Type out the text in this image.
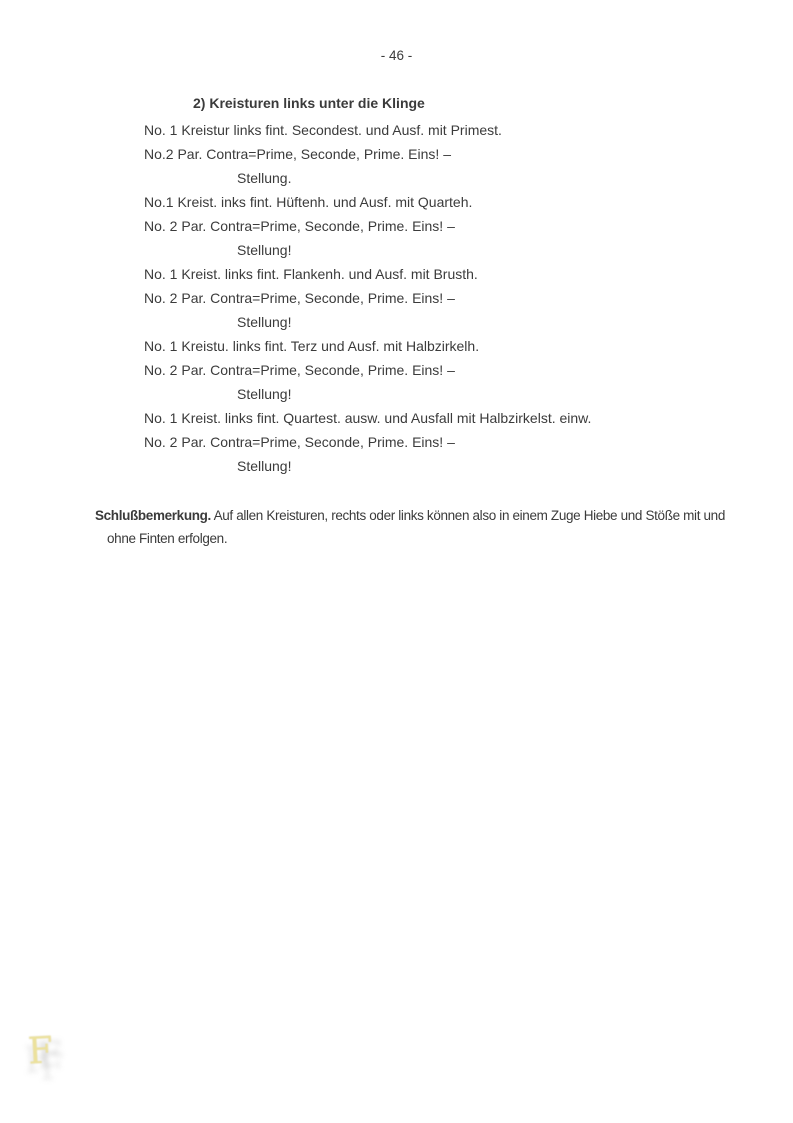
- 46 -
2) Kreisturen links unter die Klinge
No. 1 Kreistur links fint. Secondest. und Ausf. mit Primest.
No.2 Par. Contra=Prime, Seconde, Prime. Eins! –
Stellung.
No.1 Kreist. inks fint. Hüftenh. und Ausf. mit Quarteh.
No. 2 Par. Contra=Prime, Seconde, Prime. Eins! –
Stellung!
No. 1 Kreist. links fint. Flankenh. und Ausf. mit Brusth.
No. 2 Par. Contra=Prime, Seconde, Prime. Eins! –
Stellung!
No. 1 Kreistu. links fint. Terz und Ausf. mit Halbzirkelh.
No. 2 Par. Contra=Prime, Seconde, Prime. Eins! –
Stellung!
No. 1 Kreist. links fint. Quartest. ausw. und Ausfall mit Halbzirkelst. einw.
No. 2 Par. Contra=Prime, Seconde, Prime. Eins! –
Stellung!

Schlußbemerkung. Auf allen Kreisturen, rechts oder links können also in einem Zuge Hiebe und Stöße mit und
ohne Finten erfolgen.

F
